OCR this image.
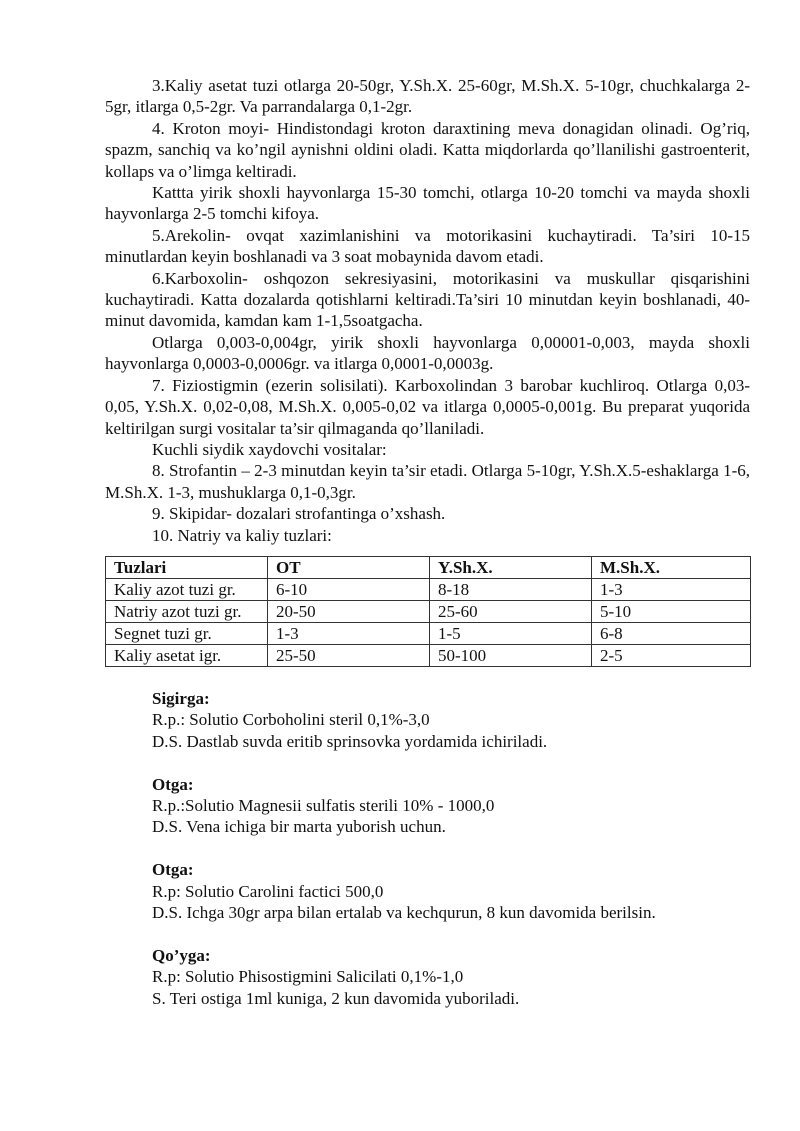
3.Kaliy asetat tuzi otlarga 20-50gr, Y.Sh.X. 25-60gr, M.Sh.X. 5-10gr, chuchkalarga 2-5gr, itlarga 0,5-2gr. Va parrandalarga 0,1-2gr.

4. Kroton moyi- Hindistondagi kroton daraxtining meva donagidan olinadi. Og’riq, spazm, sanchiq va ko’ngil aynishni oldini oladi. Katta miqdorlarda qo’llanilishi gastroenterit, kollaps va o’limga keltiradi.

Kattta yirik shoxli hayvonlarga 15-30 tomchi, otlarga 10-20 tomchi va mayda shoxli hayvonlarga 2-5 tomchi kifoya.

5.Arekolin- ovqat xazimlanishini va motorikasini kuchaytiradi. Ta’siri 10-15 minutlardan keyin boshlanadi va 3 soat mobaynida davom etadi.

6.Karboxolin- oshqozon sekresiyasini, motorikasini va muskullar qisqarishini kuchaytiradi. Katta dozalarda qotishlarni keltiradi.Ta’siri 10 minutdan keyin boshlanadi, 40-minut davomida, kamdan kam 1-1,5soatgacha.

Otlarga 0,003-0,004gr, yirik shoxli hayvonlarga 0,00001-0,003, mayda shoxli hayvonlarga 0,0003-0,0006gr. va itlarga 0,0001-0,0003g.

7. Fiziostigmin (ezerin solisilati). Karboxolindan 3 barobar kuchliroq. Otlarga 0,03-0,05, Y.Sh.X. 0,02-0,08, M.Sh.X. 0,005-0,02 va itlarga 0,0005-0,001g. Bu preparat yuqorida keltirilgan surgi vositalar ta’sir qilmaganda qo’llaniladi.

Kuchli siydik xaydovchi vositalar:

8. Strofantin – 2-3 minutdan keyin ta’sir etadi. Otlarga 5-10gr, Y.Sh.X.5-eshaklarga 1-6, M.Sh.X. 1-3, mushuklarga 0,1-0,3gr.

9. Skipidar- dozalari strofantinga o’xshash.

10. Natriy va kaliy tuzlari:

Tuzlari	OT	Y.Sh.X.	M.Sh.X.
Kaliy azot tuzi gr.	6-10	8-18	1-3
Natriy azot tuzi gr.	20-50	25-60	5-10
Segnet tuzi gr.	1-3	1-5	6-8
Kaliy asetat igr.	25-50	50-100	2-5
Sigirga:
R.p.: Solutio Corboholini steril 0,1%-3,0
D.S. Dastlab suvda eritib sprinsovka yordamida ichiriladi.
Otga:
R.p.:Solutio Magnesii sulfatis sterili 10% - 1000,0
D.S. Vena ichiga bir marta yuborish uchun.
Otga:
R.p: Solutio Carolini factici 500,0
D.S. Ichga 30gr arpa bilan ertalab va kechqurun, 8 kun davomida berilsin.
Qo’yga:
R.p: Solutio Phisostigmini Salicilati 0,1%-1,0
S. Teri ostiga 1ml kuniga, 2 kun davomida yuboriladi.
